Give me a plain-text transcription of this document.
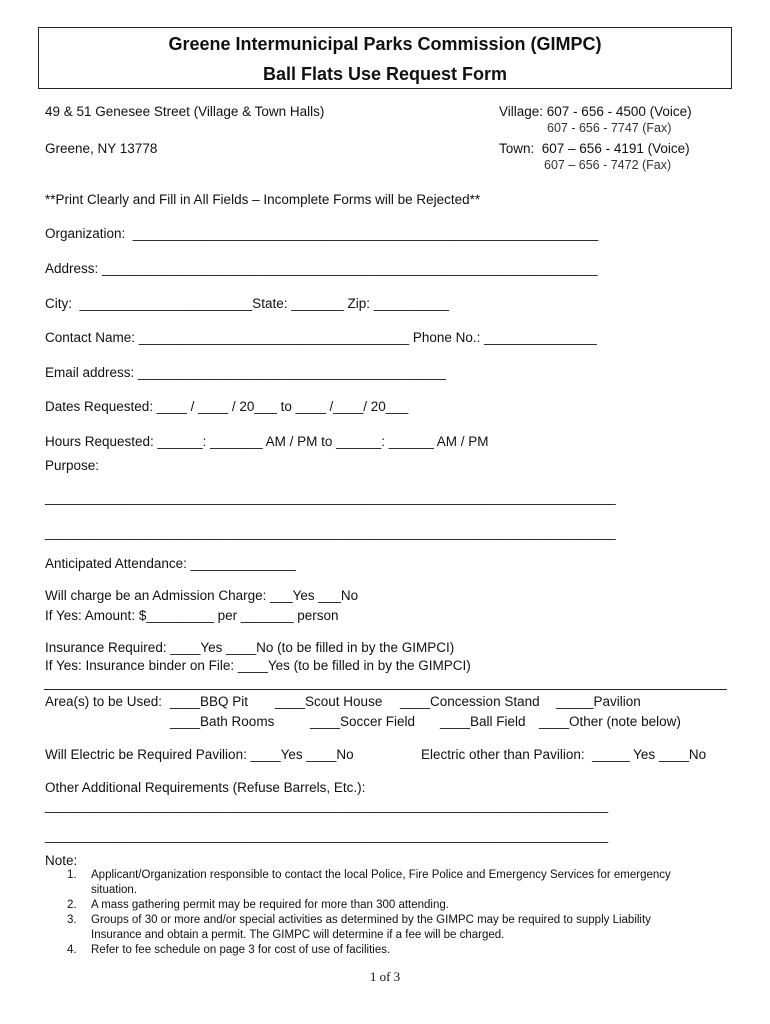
Greene Intermunicipal Parks Commission (GIMPC)
Ball Flats Use Request Form
49 & 51 Genesee Street (Village & Town Halls)
Greene, NY 13778
Village: 607 - 656 - 4500 (Voice)
607 - 656 - 7747 (Fax)
Town:  607 – 656 - 4191 (Voice)
607 – 656 - 7472 (Fax)
**Print Clearly and Fill in All Fields – Incomplete Forms will be Rejected**
Organization:  ______________________________________________________________
Address: __________________________________________________________________
City:  _______________________State: _______ Zip: __________
Contact Name: ____________________________________ Phone No.: _______________
Email address: _________________________________________
Dates Requested: ____ / ____ / 20___ to ____ /____/ 20___
Hours Requested: ______: _______ AM / PM to ______: ______ AM / PM
Purpose:
____________________________________________________________________________
____________________________________________________________________________
Anticipated Attendance: ______________
Will charge be an Admission Charge: ___Yes ___No
If Yes: Amount: $_________ per _______ person
Insurance Required: ____Yes ____No (to be filled in by the GIMPCI)
If Yes: Insurance binder on File: ____Yes (to be filled in by the GIMPCI)
Area(s) to be Used: ____BBQ Pit ____Scout House ____Concession Stand _____Pavilion
____Bath Rooms	____Soccer Field ____Ball Field ____Other (note below)
Will Electric be Required Pavilion: ____Yes ____No	Electric other than Pavilion:  _____ Yes ____No
Other Additional Requirements (Refuse Barrels, Etc.):
___________________________________________________________________________
___________________________________________________________________________
Note:
1. Applicant/Organization responsible to contact the local Police, Fire Police and Emergency Services for emergency situation.
2. A mass gathering permit may be required for more than 300 attending.
3. Groups of 30 or more and/or special activities as determined by the GIMPC may be required to supply Liability Insurance and obtain a permit. The GIMPC will determine if a fee will be charged.
4. Refer to fee schedule on page 3 for cost of use of facilities.
1 of 3
